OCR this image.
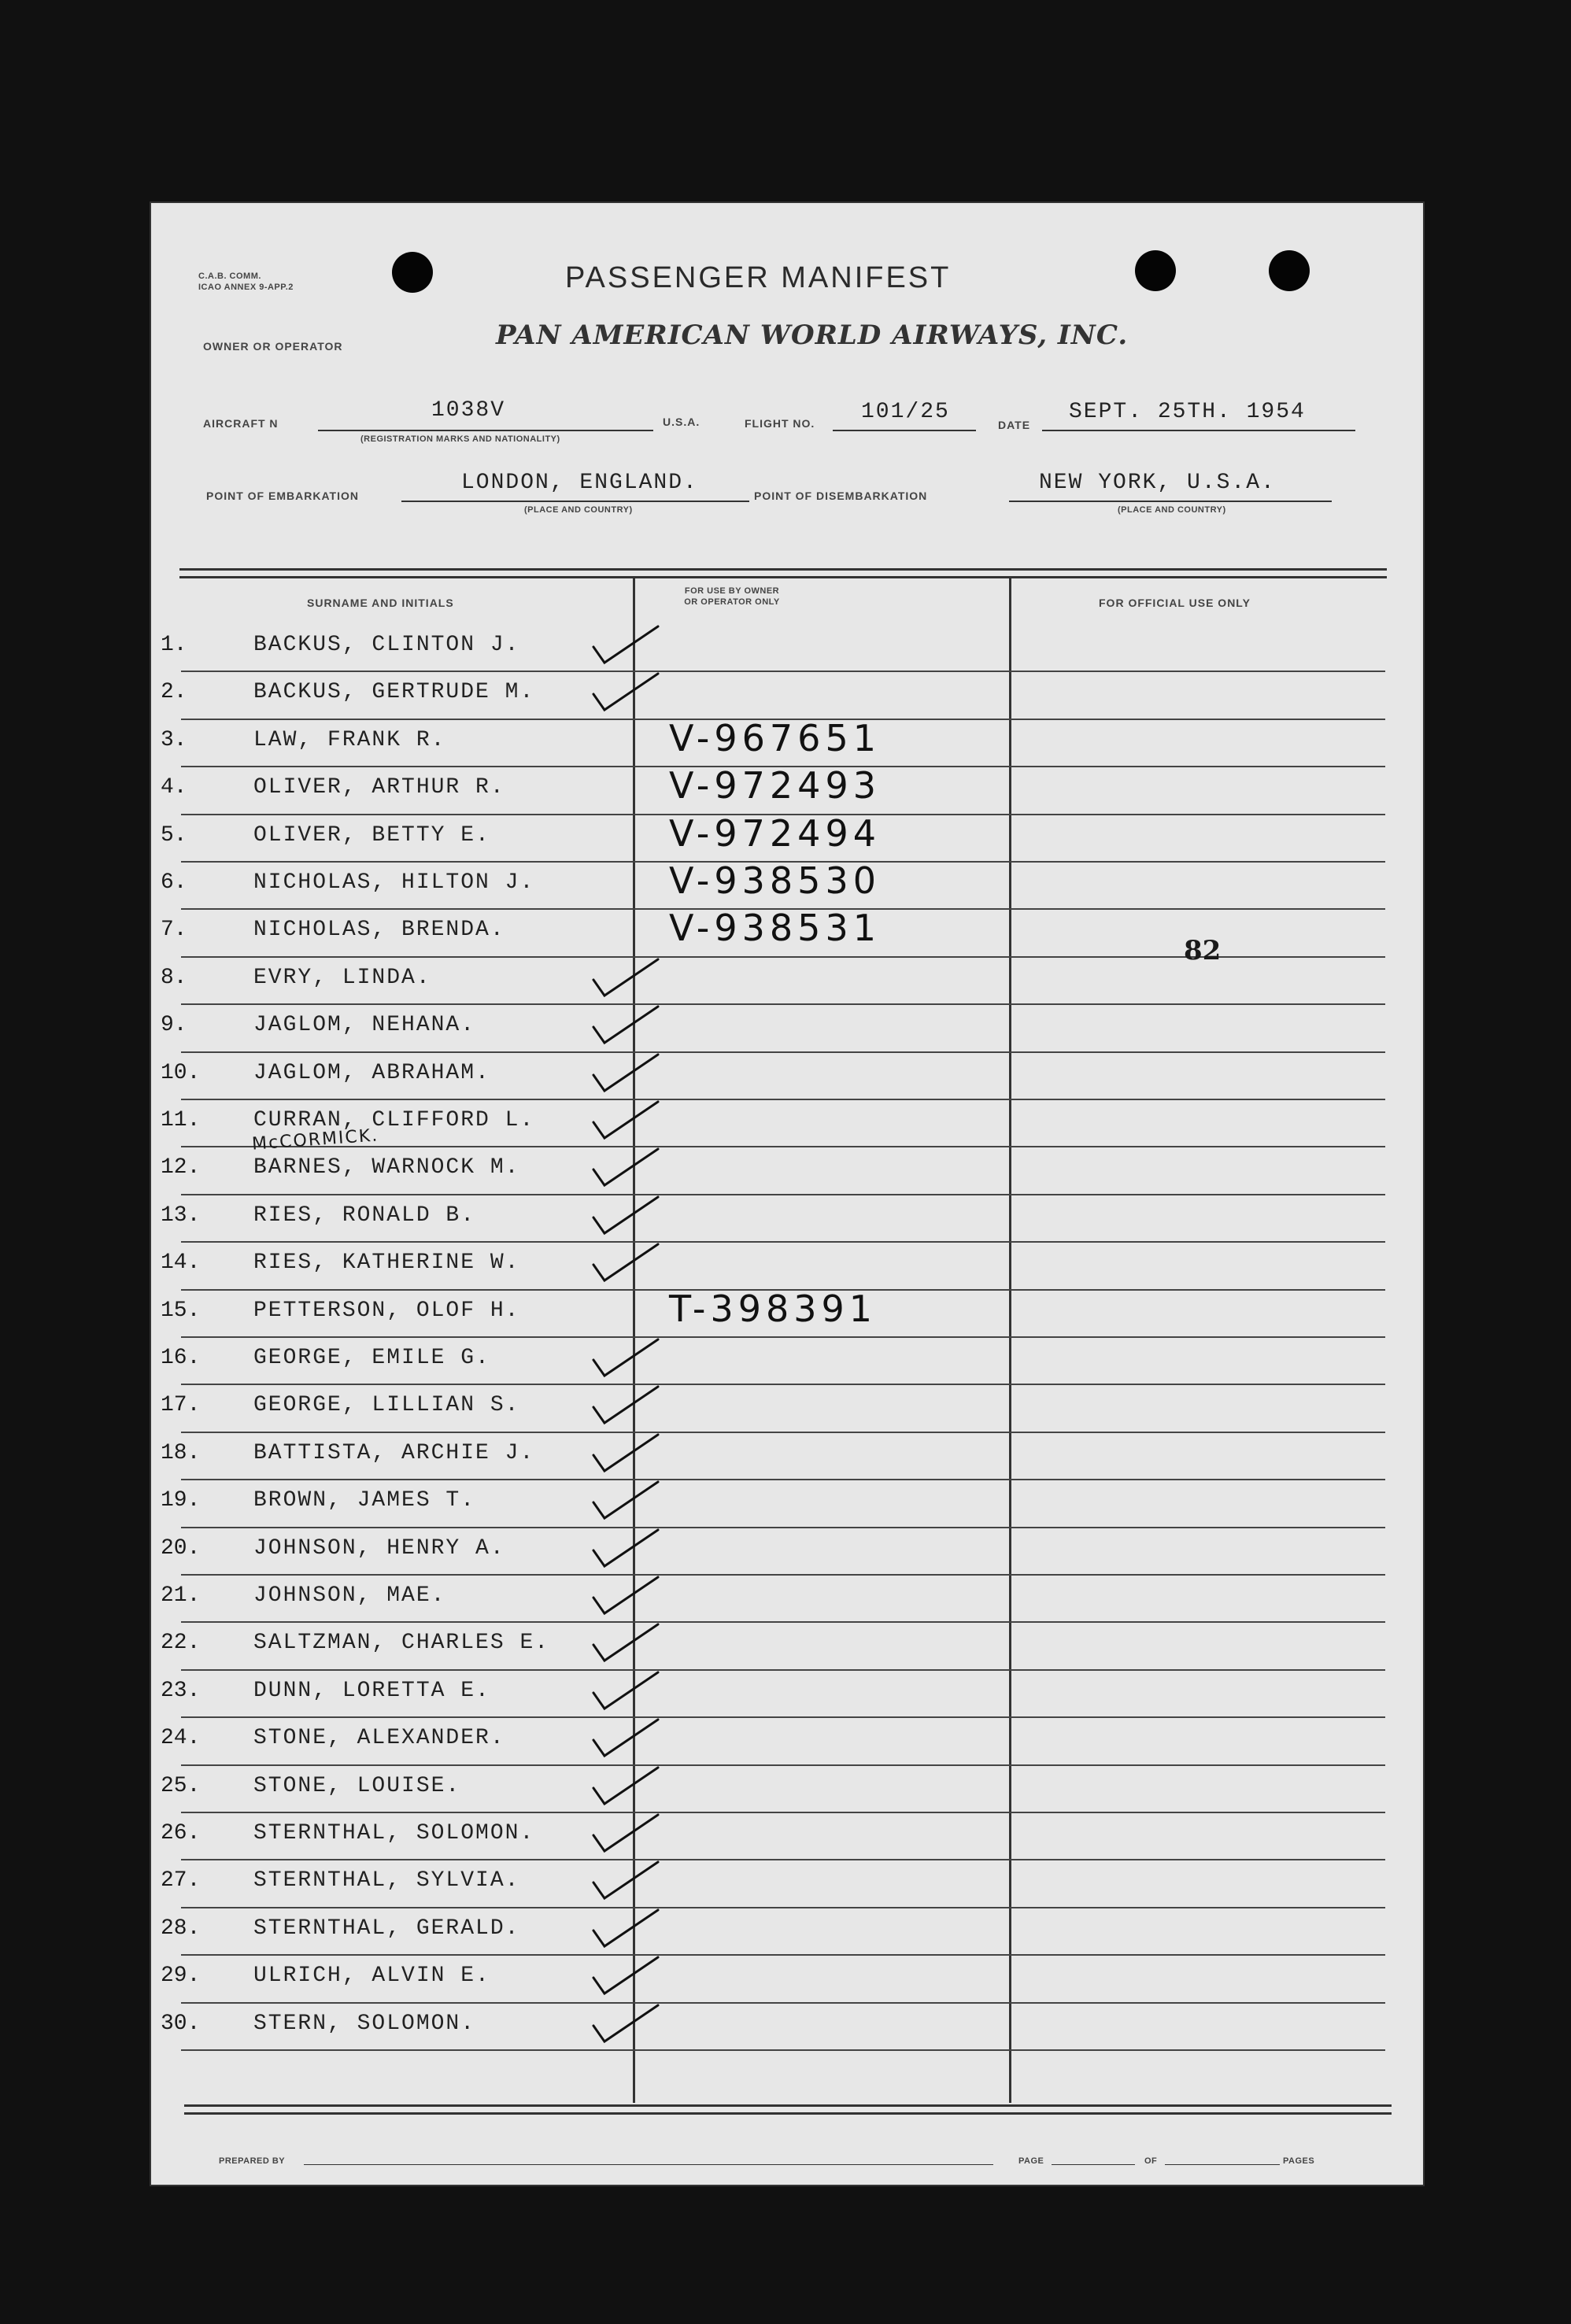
C.A.B. COMM.
ICAO ANNEX 9-APP.2	PASSENGER MANIFEST
OWNER OR OPERATOR	PAN AMERICAN WORLD AIRWAYS, INC.
AIRCRAFT N
1038V
(REGISTRATION MARKS AND NATIONALITY)
U.S.A.	FLIGHT NO. 101/25
DATE
SEPT. 25TH. 1954
POINT OF EMBARKATION
LONDON, ENGLAND.
(PLACE AND COUNTRY)
POINT OF DISEMBARKATION
NEW YORK, U.S.A.
(PLACE AND COUNTRY)
SURNAME AND INITIALS
FOR USE BY OWNER
OR OPERATOR ONLY	FOR OFFICIAL USE ONLY
1.	BACKUS, CLINTON J.
2.	BACKUS, GERTRUDE M.
3.	LAW, FRANK R.	V-967651
4.	OLIVER, ARTHUR R.	V-972493
5.	OLIVER, BETTY E.	V-972494
6.	NICHOLAS, HILTON J.	V-938530
7.	NICHOLAS, BRENDA.	V-938531
8.	EVRY, LINDA.
9.	JAGLOM, NEHANA.
10. JAGLOM, ABRAHAM.
11. CURRAN, CLIFFORD L.
12. BARNES, WARNOCK M.
13. RIES, RONALD B.
14. RIES, KATHERINE W.
15. PETTERSON, OLOF H.	T-398391
16. GEORGE, EMILE G.
17. GEORGE, LILLIAN S.
18. BATTISTA, ARCHIE J.
19. BROWN, JAMES T.
20. JOHNSON, HENRY A.
21. JOHNSON, MAE.
22. SALTZMAN, CHARLES E.
23. DUNN, LORETTA E.
24. STONE, ALEXANDER.
25. STONE, LOUISE.
26. STERNTHAL, SOLOMON.
27. STERNTHAL, SYLVIA.
28. STERNTHAL, GERALD.
29. ULRICH, ALVIN E.
30. STERN, SOLOMON.
82
McCORMICK.
PREPARED BY	PAGE	OF	PAGES
